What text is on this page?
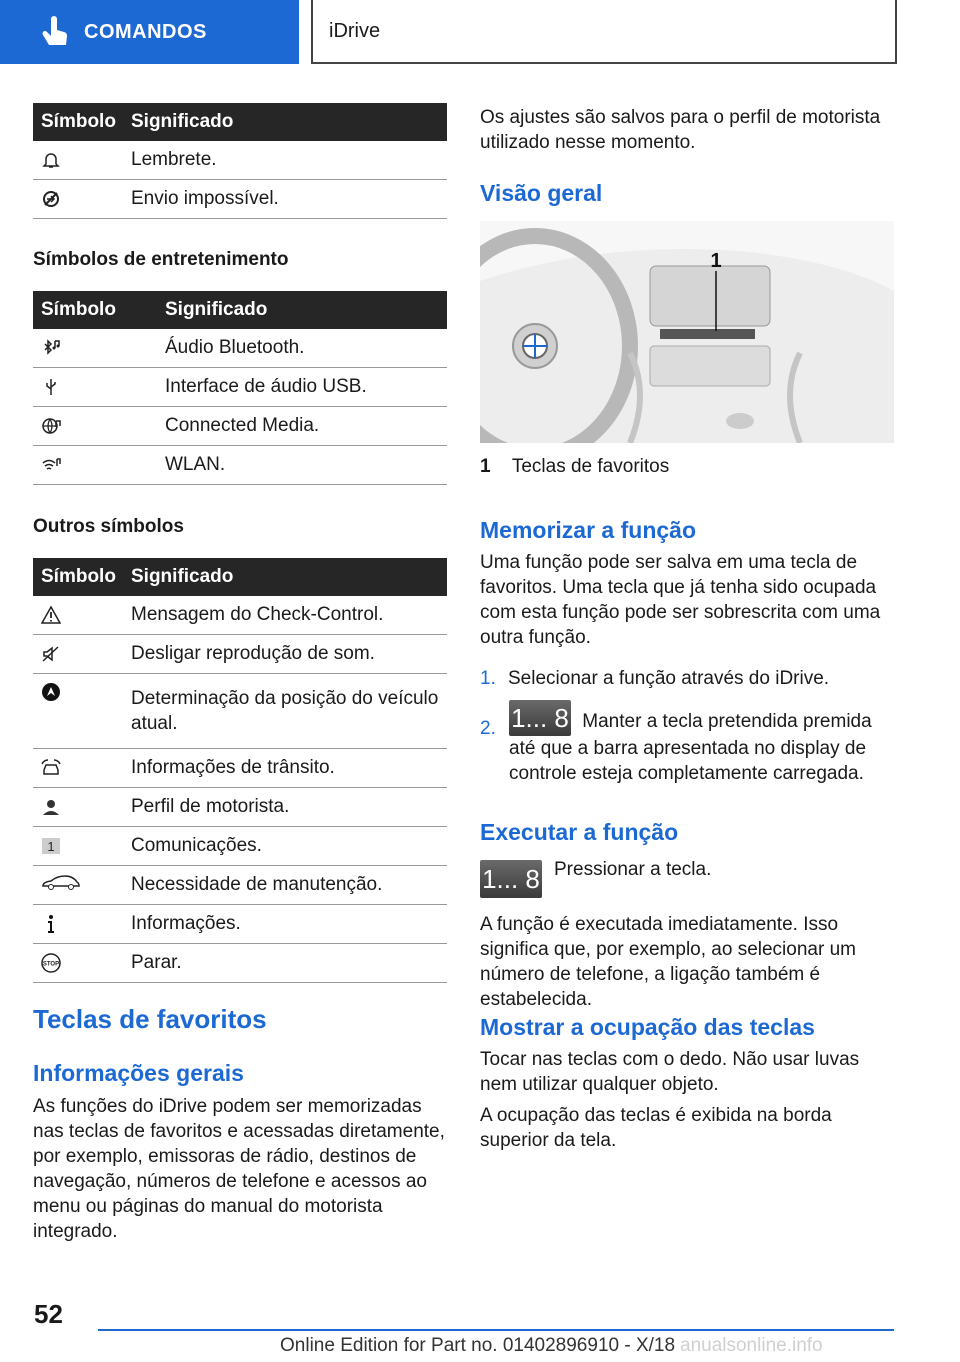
COMANDOS	iDrive
Símbolo	Significado

	Lembrete.

	Envio impossível.
Símbolos de entretenimento
Símbolo	Significado

	Áudio Bluetooth.

	Interface de áudio USB.

	Connected Media.

	WLAN.
Outros símbolos
Símbolo	Significado

	Mensagem do Check-Control.

	Desligar reprodução de som.

	Determinação da posição do veículo atual.

	Informações de trânsito.

	Perfil de motorista.

1	Comunicações.
	Necessidade de manutenção.

	Informações.

STOP	Parar.
Teclas de favoritos
Informações gerais

As funções do iDrive podem ser memorizadas nas teclas de favoritos e acessadas diretamente, por exemplo, emissoras de rádio, destinos de navegação, números de telefone e acessos ao menu ou páginas do manual do motorista integrado.

Os ajustes são salvos para o perfil de motorista utilizado nesse momento.

Visão geral
1
1 Teclas de favoritos
Memorizar a função

Uma função pode ser salva em uma tecla de favoritos. Uma tecla que já tenha sido ocupada com esta função pode ser sobrescrita com uma outra função.

1. Selecionar a função através do iDrive.
2. 1... 8 Manter a tecla pretendida premida até que a barra apresentada no display de controle esteja completamente carregada.
Executar a função
1... 8 Pressionar a tecla.

A função é executada imediatamente. Isso significa que, por exemplo, ao selecionar um número de telefone, a ligação também é estabelecida.

Mostrar a ocupação das teclas

Tocar nas teclas com o dedo. Não usar luvas nem utilizar qualquer objeto.

A ocupação das teclas é exibida na borda superior da tela.

52
Online Edition for Part no. 01402896910 - X/18 anualsonline.info
